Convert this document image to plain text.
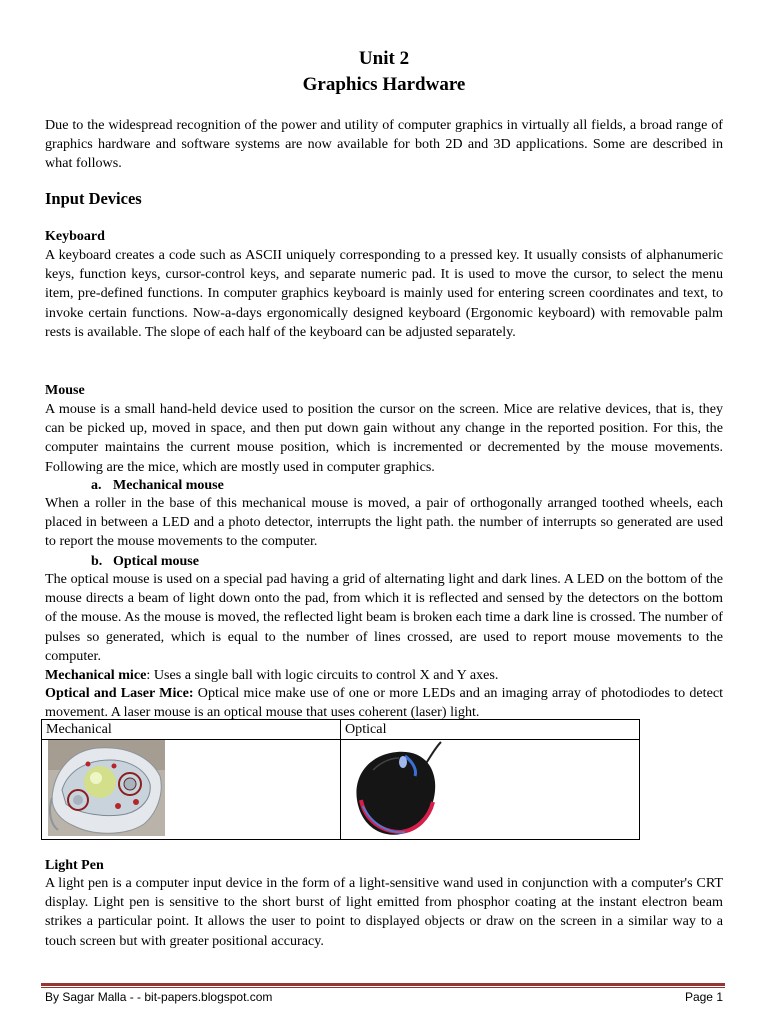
Unit 2
Graphics Hardware

Due to the widespread recognition of the power and utility of computer graphics in virtually all fields, a broad range of graphics hardware and software systems are now available for both 2D and 3D applications. Some are described in what follows.

Input Devices
Keyboard

A keyboard creates a code such as ASCII uniquely corresponding to a pressed key. It usually consists of alphanumeric keys, function keys, cursor-control keys, and separate numeric pad. It is used to move the cursor, to select the menu item, pre-defined functions. In computer graphics keyboard is mainly used for entering screen coordinates and text, to invoke certain functions. Now-a-days ergonomically designed keyboard (Ergonomic keyboard) with removable palm rests is available. The slope of each half of the keyboard can be adjusted separately.

Mouse

A mouse is a small hand-held device used to position the cursor on the screen. Mice are relative devices, that is, they can be picked up, moved in space, and then put down gain without any change in the reported position. For this, the computer maintains the current mouse position, which is incremented or decremented by the mouse movements. Following are the mice, which are mostly used in computer graphics.

a. Mechanical mouse

When a roller in the base of this mechanical mouse is moved, a pair of orthogonally arranged toothed wheels, each placed in between a LED and a photo detector, interrupts the light path. the number of interrupts so generated are used to report the mouse movements to the computer.

b. Optical mouse

The optical mouse is used on a special pad having a grid of alternating light and dark lines. A LED on the bottom of the mouse directs a beam of light down onto the pad, from which it is reflected and sensed by the detectors on the bottom of the mouse. As the mouse is moved, the reflected light beam is broken each time a dark line is crossed. The number of pulses so generated, which is equal to the number of lines crossed, are used to report mouse movements to the computer.

Mechanical mice: Uses a single ball with logic circuits to control X and Y axes.

Optical and Laser Mice: Optical mice make use of one or more LEDs and an imaging array of photodiodes to detect movement. A laser mouse is an optical mouse that uses coherent (laser) light.

Mechanical	Optical

Light Pen

A light pen is a computer input device in the form of a light-sensitive wand used in conjunction with a computer's CRT display. Light pen is sensitive to the short burst of light emitted from phosphor coating at the instant electron beam strikes a particular point. It allows the user to point to displayed objects or draw on the screen in a similar way to a touch screen but with greater positional accuracy.

By Sagar Malla - - bit-papers.blogspot.com	Page 1
